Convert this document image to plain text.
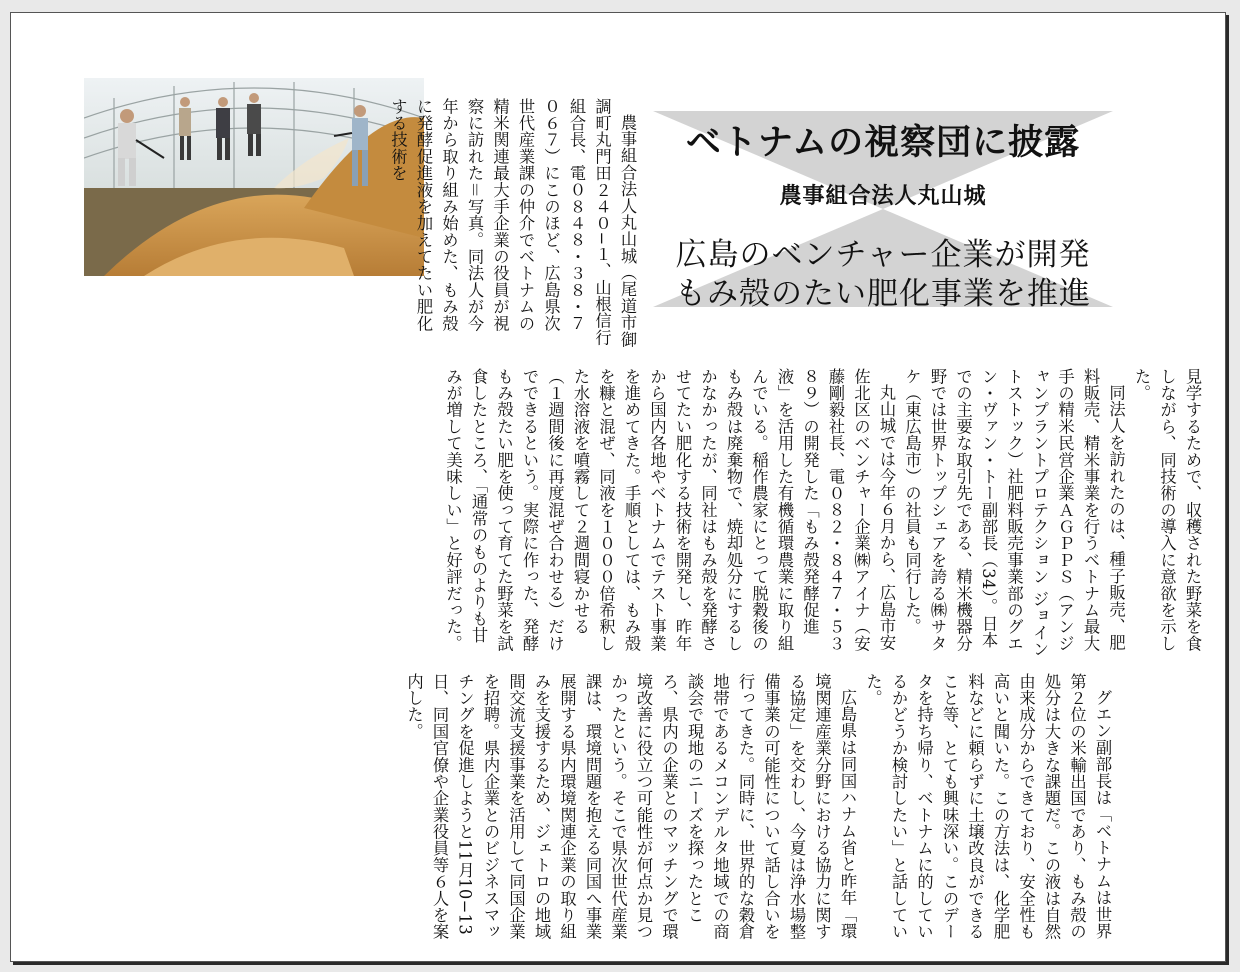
ベトナムの視察団に披露
農事組合法人丸山城
広島のベンチャー企業が開発
もみ殻のたい肥化事業を推進

農事組合法人丸山城（尾道市御調町丸門田２４０−１、山根信行組合長、電０８４８・３８・７０６７）にこのほど、広島県次世代産業課の仲介でベトナムの精米関連最大手企業の役員が視察に訪れた＝写真。同法人が今年から取り組み始めた、もみ殻に発酵促進液を加えてたい肥化する技術を

見学するためで、収穫された野菜を食しながら、同技術の導入に意欲を示した。

同法人を訪れたのは、種子販売、肥料販売、精米事業を行うベトナム最大手の精米民営企業ＡＧＰＰＳ（アンジャンプラントプロテクション ジョイントストック）社肥料販売事業部のグエン・ヴァン・トー副部長（34）。日本での主要な取引先である、精米機器分野では世界トップシェアを誇る㈱サタケ（東広島市）の社員も同行した。

丸山城では今年６月から、広島市安佐北区のベンチャー企業㈱アイナ（安藤剛毅社長、電０８２・８４７・５３８９）の開発した「もみ殻発酵促進液」を活用した有機循環農業に取り組んでいる。稲作農家にとって脱穀後のもみ殻は廃棄物で、焼却処分にするしかなかったが、同社はもみ殻を発酵させてたい肥化する技術を開発し、昨年から国内各地やベトナムでテスト事業を進めてきた。手順としては、もみ殻を糠と混ぜ、同液を１０００倍希釈した水溶液を噴霧して２週間寝かせる（１週間後に再度混ぜ合わせる）だけでできるという。実際に作った、発酵もみ殻たい肥を使って育てた野菜を試食したところ、「通常のものよりも甘みが増して美味しい」と好評だった。

グエン副部長は「ベトナムは世界第２位の米輸出国であり、もみ殻の処分は大きな課題だ。この液は自然由来成分からできており、安全性も高いと聞いた。この方法は、化学肥料などに頼らずに土壌改良ができること等、とても興味深い。このデータを持ち帰り、ベトナムに的しているかどうか検討したい」と話していた。

広島県は同国ハナム省と昨年「環境関連産業分野における協力に関する協定」を交わし、今夏は浄水場整備事業の可能性について話し合いを行ってきた。同時に、世界的な穀倉地帯であるメコンデルタ地域での商談会で現地のニーズを探ったところ、県内の企業とのマッチングで環境改善に役立つ可能性が何点か見つかったという。そこで県次世代産業課は、環境問題を抱える同国へ事業展開する県内環境関連企業の取り組みを支援するため、ジェトロの地域間交流支援事業を活用して同国企業を招聘。県内企業とのビジネスマッチングを促進しようと11月10−13日、同国官僚や企業役員等６人を案内した。
